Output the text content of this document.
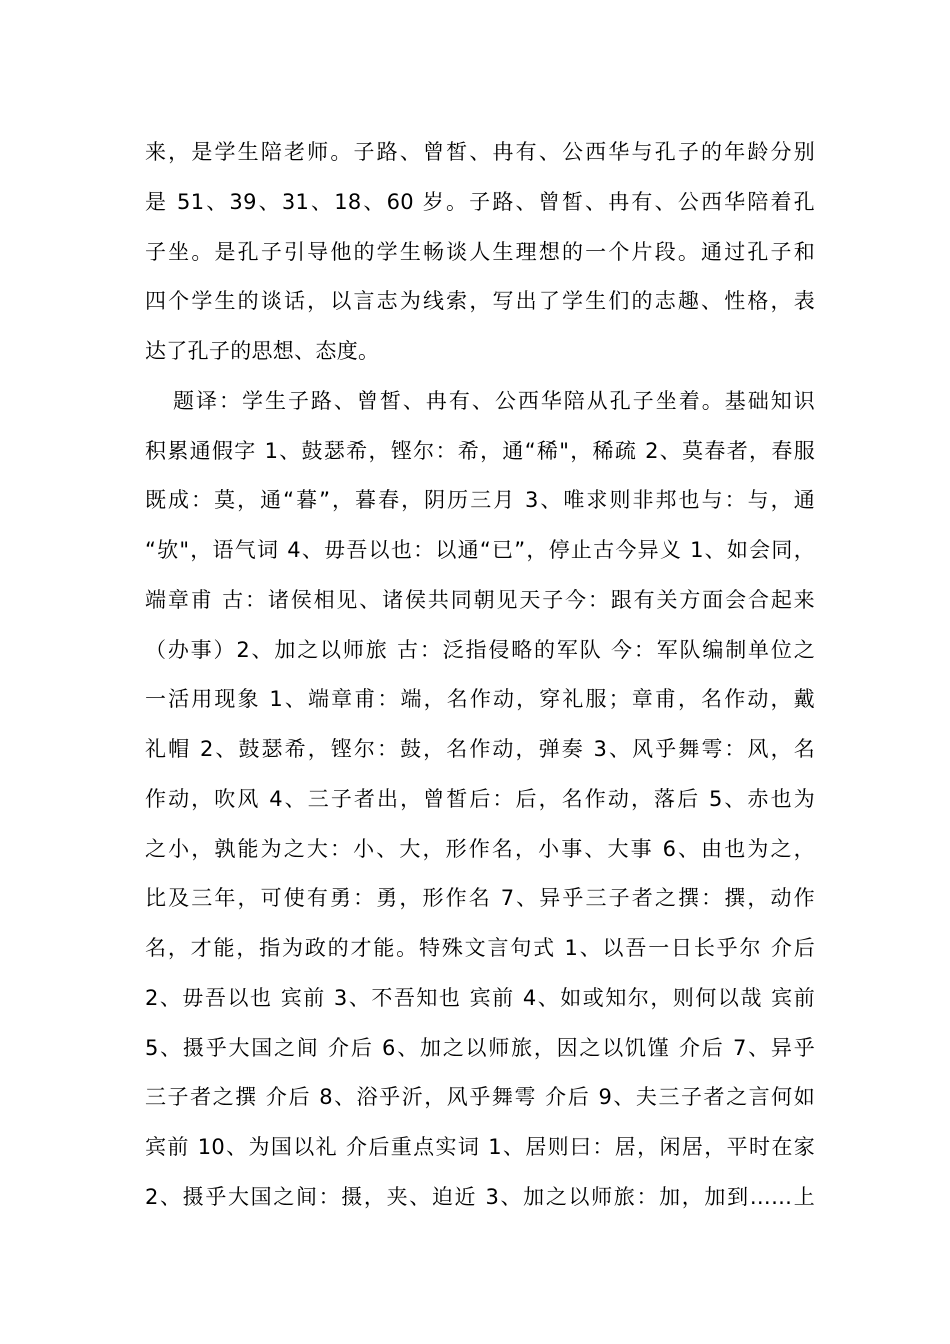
来，是学生陪老师。子路、曾皙、冉有、公西华与孔子的年龄分别
是 51、39、31、18、60 岁。子路、曾皙、冉有、公西华陪着孔
子坐。是孔子引导他的学生畅谈人生理想的一个片段。通过孔子和
四个学生的谈话，以言志为线索，写出了学生们的志趣、性格，表
达了孔子的思想、态度。
题译：学生子路、曾皙、冉有、公西华陪从孔子坐着。基础知识
积累通假字 1、鼓瑟希，铿尔：希，通“稀"，稀疏 2、莫春者，春服
既成：莫，通“暮”，暮春，阴历三月 3、唯求则非邦也与：与，通
“欤"，语气词 4、毋吾以也：以通“已”，停止古今异义 1、如会同，
端章甫 古：诸侯相见、诸侯共同朝见天子今：跟有关方面会合起来
（办事）2、加之以师旅 古：泛指侵略的军队 今：军队编制单位之
一活用现象 1、端章甫：端，名作动，穿礼服；章甫，名作动，戴
礼帽 2、鼓瑟希，铿尔：鼓，名作动，弹奏 3、风乎舞雩：风，名
作动，吹风 4、三子者出，曾皙后：后，名作动，落后 5、赤也为
之小，孰能为之大：小、大，形作名，小事、大事 6、由也为之，
比及三年，可使有勇：勇，形作名 7、异乎三子者之撰：撰，动作
名，才能，指为政的才能。特殊文言句式 1、以吾一日长乎尔 介后
2、毋吾以也 宾前 3、不吾知也 宾前 4、如或知尔，则何以哉 宾前
5、摄乎大国之间 介后 6、加之以师旅，因之以饥馑 介后 7、异乎
三子者之撰 介后 8、浴乎沂，风乎舞雩 介后 9、夫三子者之言何如
宾前 10、为国以礼 介后重点实词 1、居则曰：居，闲居，平时在家
2、摄乎大国之间：摄，夹、迫近 3、加之以师旅：加，加到……上
